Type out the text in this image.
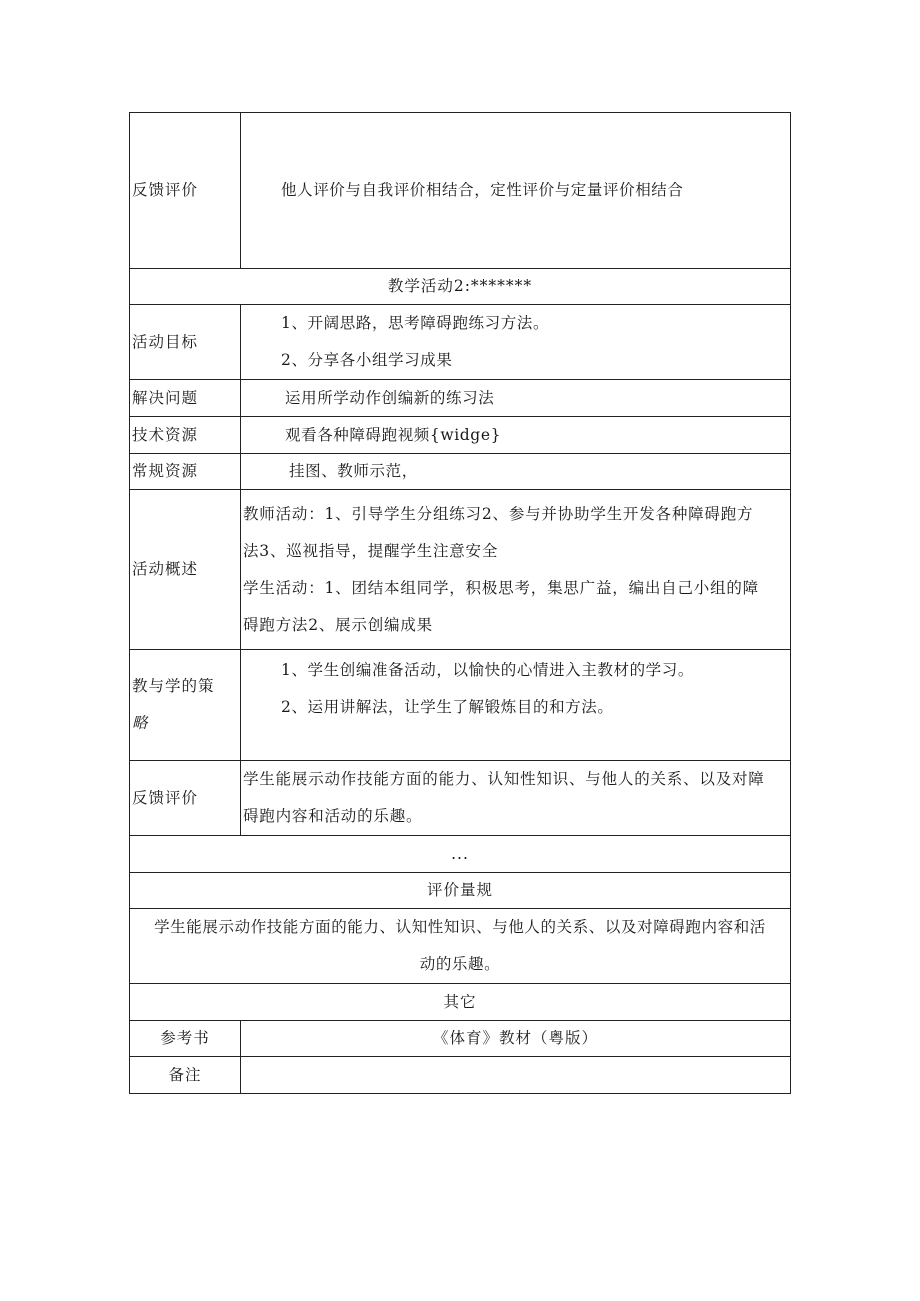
反馈评价	他人评价与自我评价相结合，定性评价与定量评价相结合
教学活动2:*******	
活动目标	1、开阔思路，思考障碍跑练习方法。
2、分享各小组学习成果

解决问题	运用所学动作创编新的练习法
技术资源	观看各种障碍跑视频{widge}
常规资源	挂图、教师示范，
活动概述	教师活动：1、引导学生分组练习2、参与并协助学生开发各种障碍跑方
法3、巡视指导，提醒学生注意安全
学生活动：1、团结本组同学，积极思考，集思广益，编出自己小组的障
碍跑方法2、展示创编成果

教与学的策
略	1、学生创编准备活动，以愉快的心情进入主教材的学习。
2、运用讲解法，让学生了解锻炼目的和方法。

反馈评价	学生能展示动作技能方面的能力、认知性知识、与他人的关系、以及对障
碍跑内容和活动的乐趣。

...	
评价量规	

学生能展示动作技能方面的能力、认知性知识、与他人的关系、以及对障碍跑内容和活
动的乐趣。	

其它	
参考书	《体育》教材（粤版）
备注	
